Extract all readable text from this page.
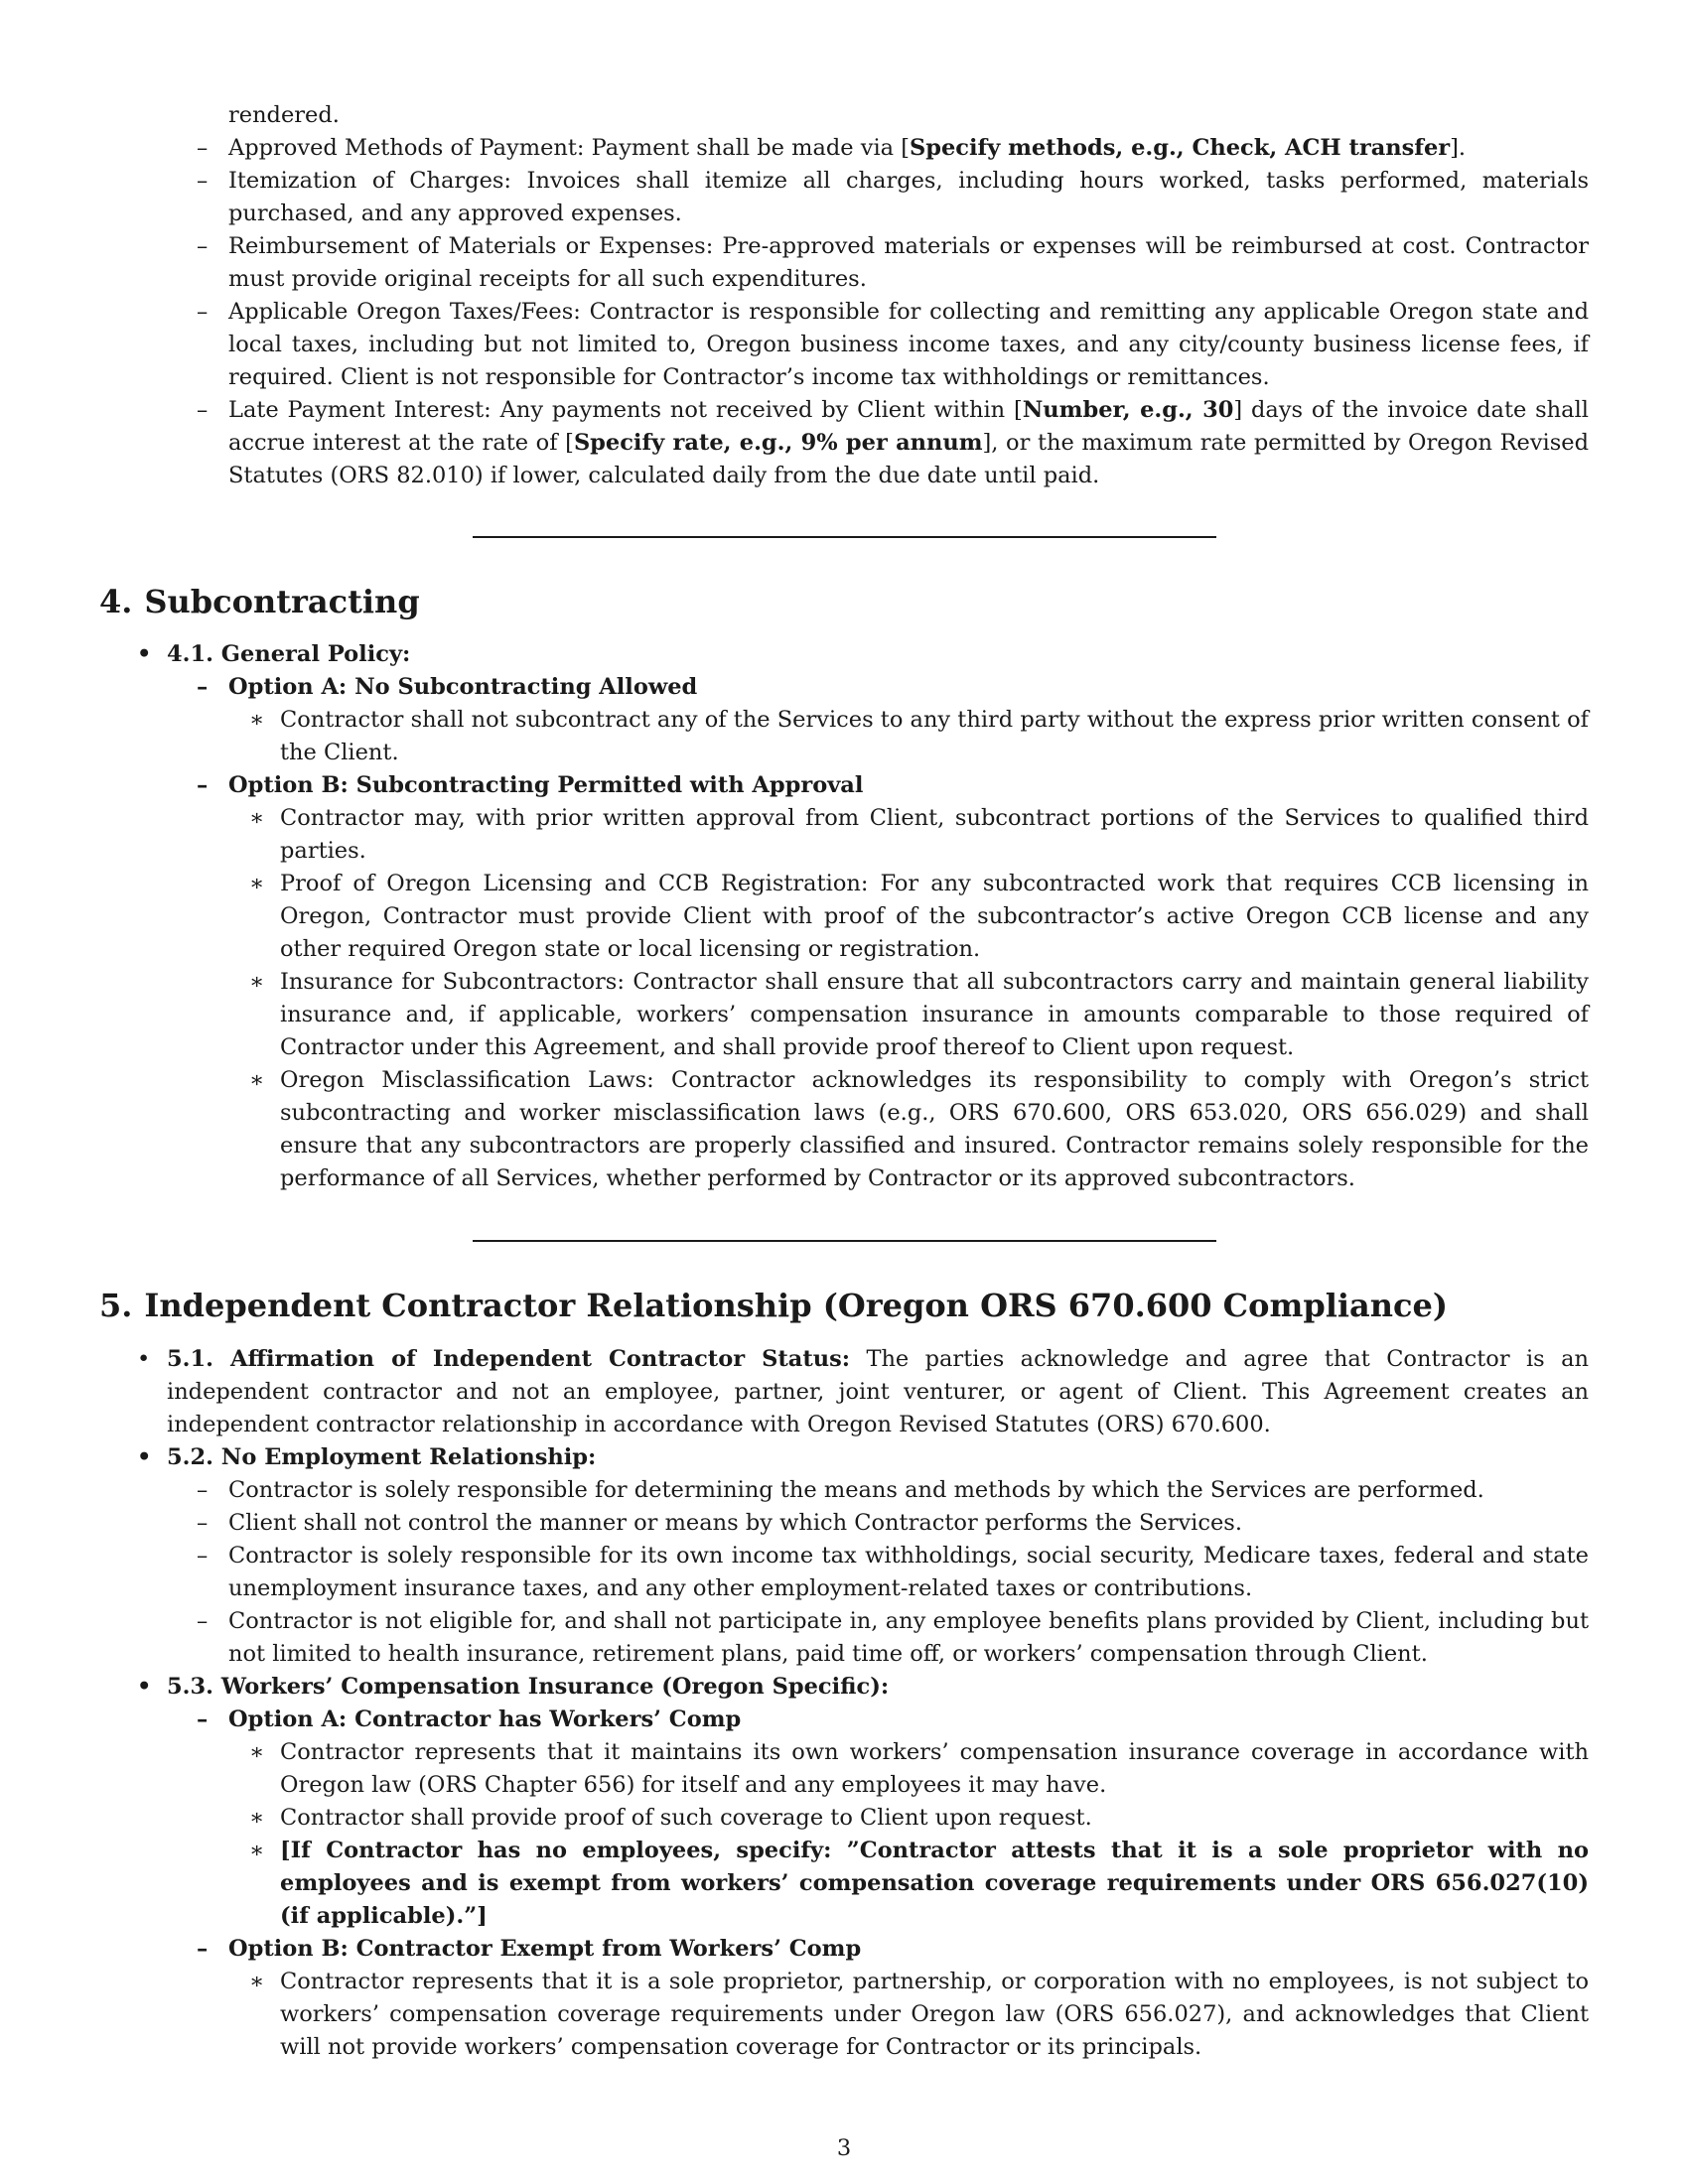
rendered.
– Approved Methods of Payment: Payment shall be made via [Specify methods, e.g., Check, ACH transfer].
– Itemization of Charges: Invoices shall itemize all charges, including hours worked, tasks performed, materials purchased, and any approved expenses.
– Reimbursement of Materials or Expenses: Pre-approved materials or expenses will be reimbursed at cost. Contractor must provide original receipts for all such expenditures.
– Applicable Oregon Taxes/Fees: Contractor is responsible for collecting and remitting any applicable Oregon state and local taxes, including but not limited to, Oregon business income taxes, and any city/county business license fees, if required. Client is not responsible for Contractor’s income tax withholdings or remittances.
– Late Payment Interest: Any payments not received by Client within [Number, e.g., 30] days of the invoice date shall accrue interest at the rate of [Specify rate, e.g., 9% per annum], or the maximum rate permitted by Oregon Revised Statutes (ORS 82.010) if lower, calculated daily from the due date until paid.
4. Subcontracting
• 4.1. General Policy:
– Option A: No Subcontracting Allowed
∗ Contractor shall not subcontract any of the Services to any third party without the express prior written consent of the Client.
– Option B: Subcontracting Permitted with Approval
∗ Contractor may, with prior written approval from Client, subcontract portions of the Services to qualified third parties.
∗ Proof of Oregon Licensing and CCB Registration: For any subcontracted work that requires CCB licensing in Oregon, Contractor must provide Client with proof of the subcontractor’s active Oregon CCB license and any other required Oregon state or local licensing or registration.
∗ Insurance for Subcontractors: Contractor shall ensure that all subcontractors carry and maintain general liability insurance and, if applicable, workers’ compensation insurance in amounts comparable to those required of Contractor under this Agreement, and shall provide proof thereof to Client upon request.
∗ Oregon Misclassification Laws: Contractor acknowledges its responsibility to comply with Oregon’s strict subcontracting and worker misclassification laws (e.g., ORS 670.600, ORS 653.020, ORS 656.029) and shall ensure that any subcontractors are properly classified and insured. Contractor remains solely responsible for the performance of all Services, whether performed by Contractor or its approved subcontractors.
5. Independent Contractor Relationship (Oregon ORS 670.600 Compliance)
• 5.1. Affirmation of Independent Contractor Status: The parties acknowledge and agree that Contractor is an independent contractor and not an employee, partner, joint venturer, or agent of Client. This Agreement creates an independent contractor relationship in accordance with Oregon Revised Statutes (ORS) 670.600.
• 5.2. No Employment Relationship:
– Contractor is solely responsible for determining the means and methods by which the Services are performed.
– Client shall not control the manner or means by which Contractor performs the Services.
– Contractor is solely responsible for its own income tax withholdings, social security, Medicare taxes, federal and state unemployment insurance taxes, and any other employment-related taxes or contributions.
– Contractor is not eligible for, and shall not participate in, any employee benefits plans provided by Client, including but not limited to health insurance, retirement plans, paid time off, or workers’ compensation through Client.
• 5.3. Workers’ Compensation Insurance (Oregon Specific):
– Option A: Contractor has Workers’ Comp
∗ Contractor represents that it maintains its own workers’ compensation insurance coverage in accordance with Oregon law (ORS Chapter 656) for itself and any employees it may have.
∗ Contractor shall provide proof of such coverage to Client upon request.
∗ [If Contractor has no employees, specify: ”Contractor attests that it is a sole proprietor with no employees and is exempt from workers’ compensation coverage requirements under ORS 656.027(10) (if applicable).”]
– Option B: Contractor Exempt from Workers’ Comp
∗ Contractor represents that it is a sole proprietor, partnership, or corporation with no employees, is not subject to workers’ compensation coverage requirements under Oregon law (ORS 656.027), and acknowledges that Client will not provide workers’ compensation coverage for Contractor or its principals.
3
